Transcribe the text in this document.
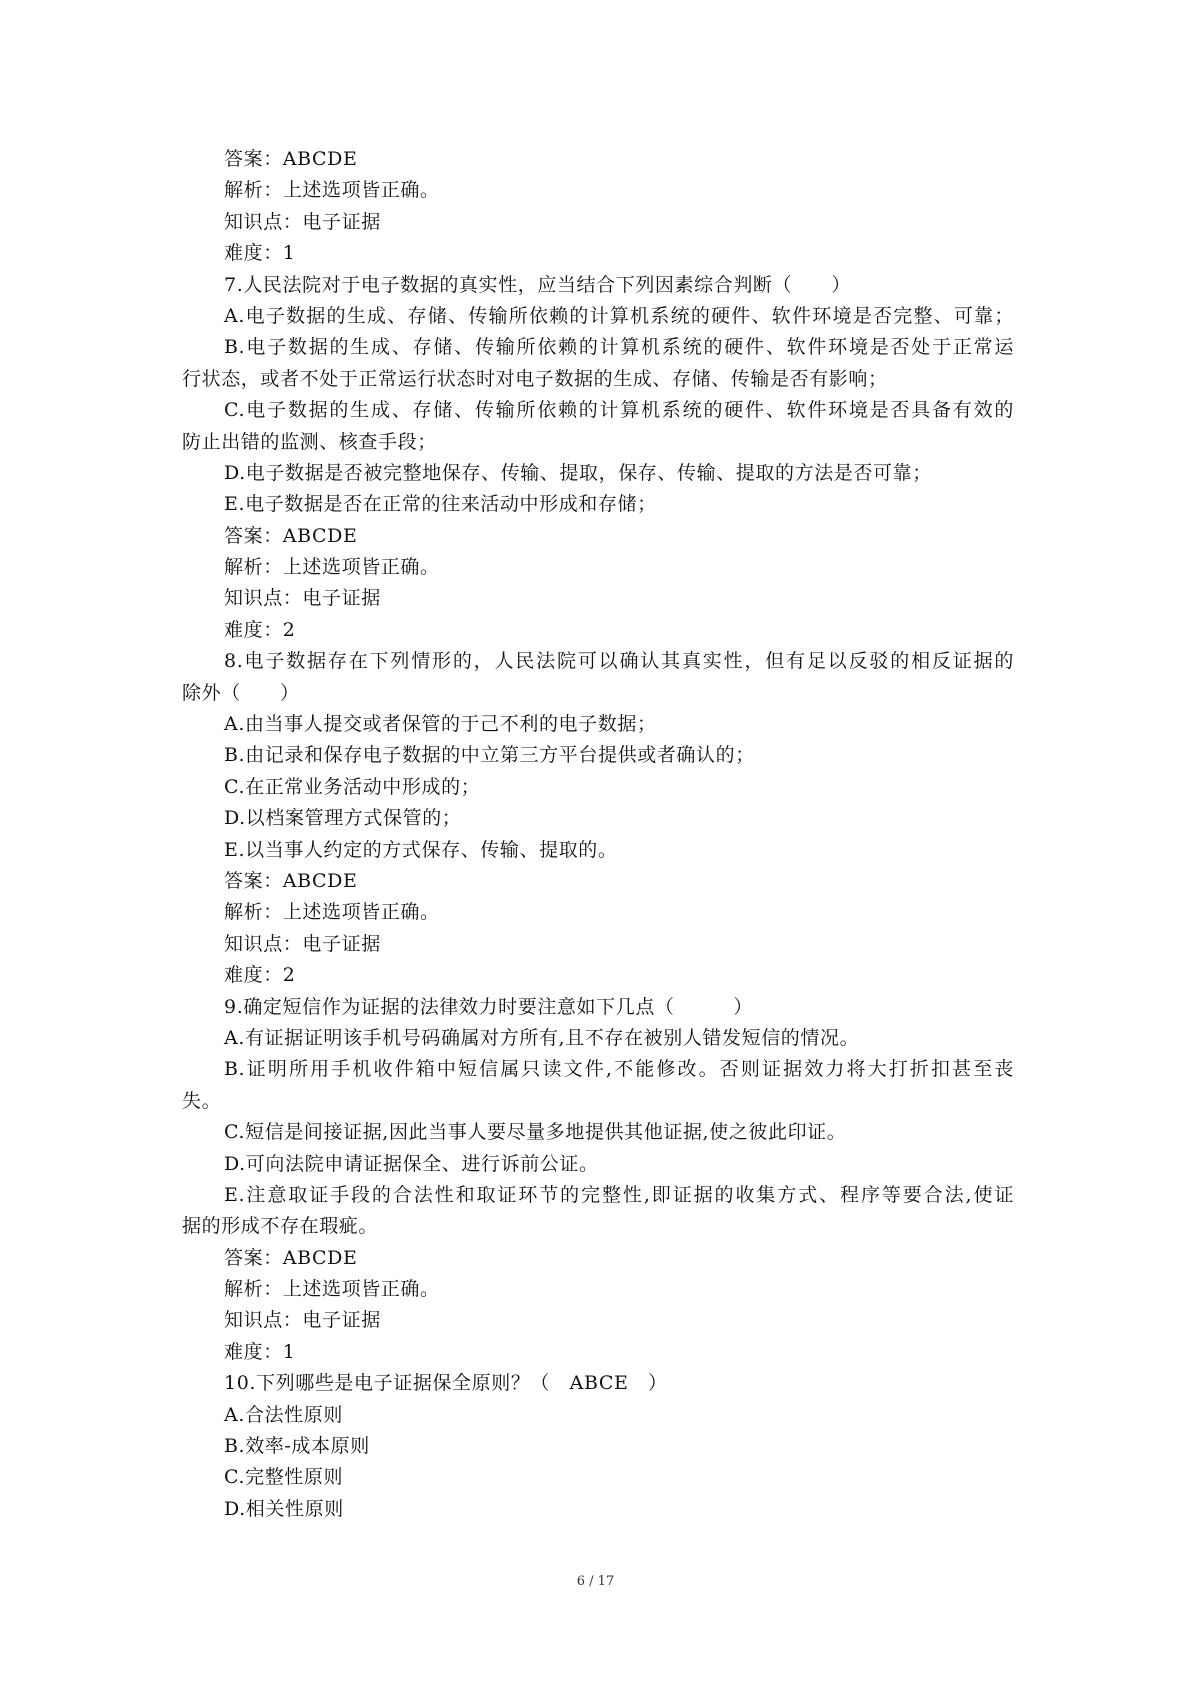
答案：ABCDE
解析：上述选项皆正确。
知识点：电子证据
难度：1
7.人民法院对于电子数据的真实性，应当结合下列因素综合判断（　　）
A.电子数据的生成、存储、传输所依赖的计算机系统的硬件、软件环境是否完整、可靠；
B.电子数据的生成、存储、传输所依赖的计算机系统的硬件、软件环境是否处于正常运
行状态，或者不处于正常运行状态时对电子数据的生成、存储、传输是否有影响；
C.电子数据的生成、存储、传输所依赖的计算机系统的硬件、软件环境是否具备有效的
防止出错的监测、核查手段；
D.电子数据是否被完整地保存、传输、提取，保存、传输、提取的方法是否可靠；
E.电子数据是否在正常的往来活动中形成和存储；
答案：ABCDE
解析：上述选项皆正确。
知识点：电子证据
难度：2
8.电子数据存在下列情形的，人民法院可以确认其真实性，但有足以反驳的相反证据的
除外（　　）
A.由当事人提交或者保管的于己不利的电子数据；
B.由记录和保存电子数据的中立第三方平台提供或者确认的；
C.在正常业务活动中形成的；
D.以档案管理方式保管的；
E.以当事人约定的方式保存、传输、提取的。
答案：ABCDE
解析：上述选项皆正确。
知识点：电子证据
难度：2
9.确定短信作为证据的法律效力时要注意如下几点（　　　）
A.有证据证明该手机号码确属对方所有,且不存在被别人错发短信的情况。
B.证明所用手机收件箱中短信属只读文件,不能修改。否则证据效力将大打折扣甚至丧
失。
C.短信是间接证据,因此当事人要尽量多地提供其他证据,使之彼此印证。
D.可向法院申请证据保全、进行诉前公证。
E.注意取证手段的合法性和取证环节的完整性,即证据的收集方式、程序等要合法,使证
据的形成不存在瑕疵。
答案：ABCDE
解析：上述选项皆正确。
知识点：电子证据
难度：1
10.下列哪些是电子证据保全原则？（　ABCE　）
A.合法性原则
B.效率-成本原则
C.完整性原则
D.相关性原则
6 / 17
